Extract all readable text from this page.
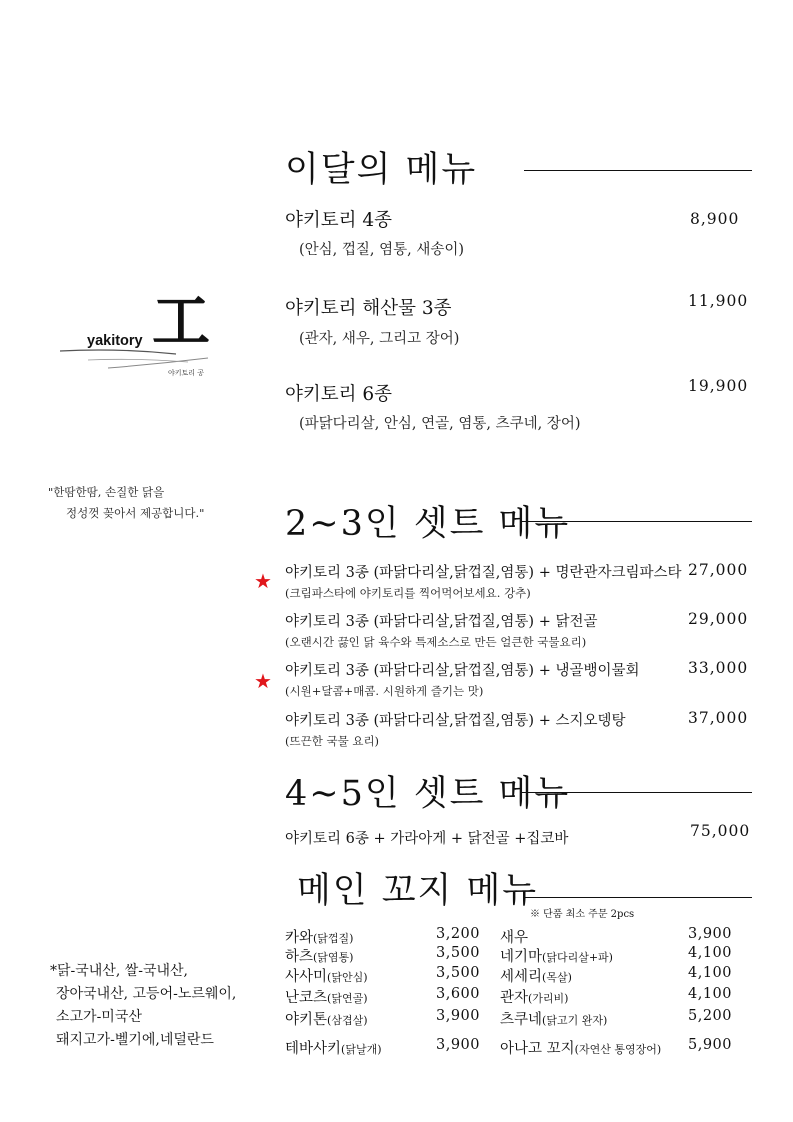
yakitory 工
야키토리 공
"한땀한땀, 손질한 닭을
정성껏 꽂아서 제공합니다."
*닭-국내산, 쌀-국내산,
장아국내산, 고등어-노르웨이,
소고가-미국산
돼지고가-벨기에,네덜란드
이달의 메뉴
야키토리 4종	8,900
(안심, 껍질, 염통, 새송이)
야키토리 해산물 3종	11,900
(관자, 새우, 그리고 장어)
야키토리 6종	19,900
(파닭다리살, 안심, 연골, 염통, 츠쿠네, 장어)
2~3인 셋트 메뉴
★ 야키토리 3종 (파닭다리살,닭껍질,염통) + 명란관자크림파스타 27,000
(크림파스타에 야키토리를 찍어먹어보세요. 강추)
야키토리 3종 (파닭다리살,닭껍질,염통) + 닭전골	29,000
(오랜시간 끓인 닭 육수와 특제소스로 만든 얼큰한 국물요리)
★ 야키토리 3종 (파닭다리살,닭껍질,염통) + 냉골뱅이물회	33,000
(시원+달콤+매콤. 시원하게 즐기는 맛)
야키토리 3종 (파닭다리살,닭껍질,염통) + 스지오뎅탕	37,000
(뜨끈한 국물 요리)
4~5인 셋트 메뉴
야키토리 6종 + 가라아게 + 닭전골 +집코바	75,000
메인 꼬지 메뉴
※ 단품 최소 주문 2pcs
카와(닭껍질)	3,200
하츠(닭염통)	3,500
사사미(닭안심)	3,500
난코츠(닭연골)	3,600
야키톤(삼겹살)	3,900
테바사키(닭날개)	3,900
새우	3,900
네기마(닭다리살+파)	4,100
세세리(목살)	4,100
관자(가리비)	4,100
츠쿠네(닭고기 완자)	5,200
아나고 꼬지(자연산 통영장어) 5,900
